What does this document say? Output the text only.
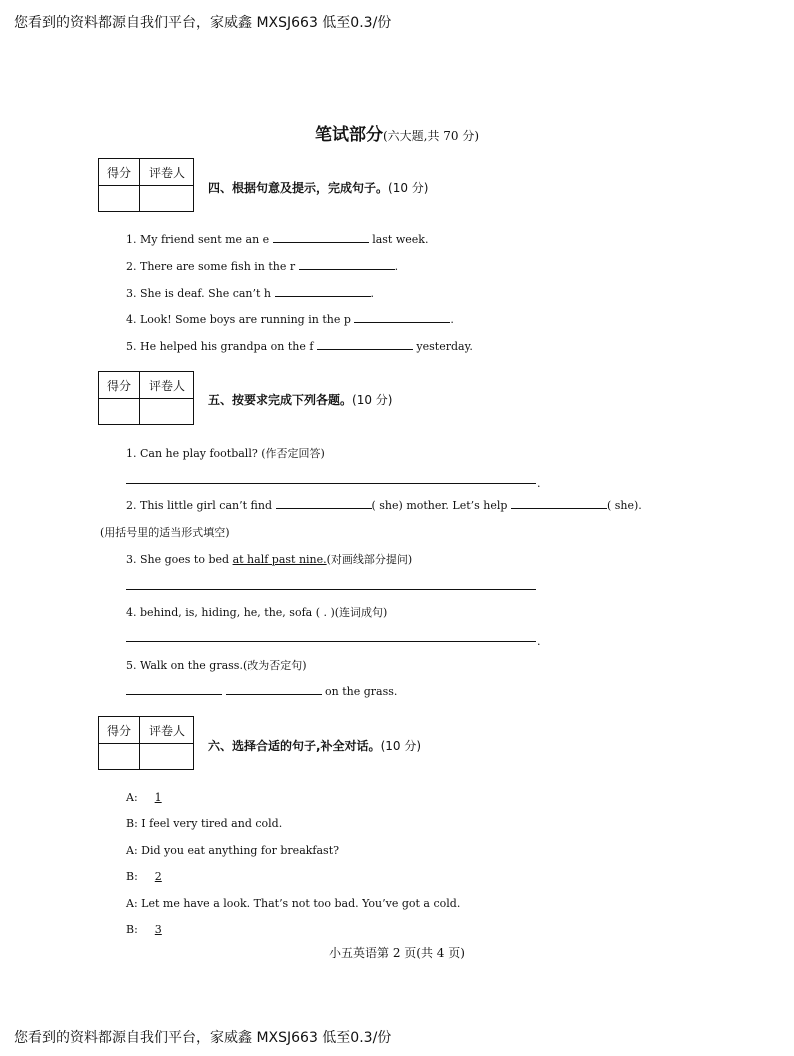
您看到的资料都源自我们平台，家威鑫 MXSJ663 低至0.3/份
笔试部分(六大题,共 70 分)
得分	评卷人
四、根据句意及提示，完成句子。(10 分)
1. My friend sent me an e	last week.
2. There are some fish in the r	.
3. She is deaf. She can’t h	.
4. Look! Some boys are running in the p	.
5. He helped his grandpa on the f	yesterday.
得分	评卷人
五、按要求完成下列各题。(10 分)
1. Can he play football? (作否定回答)
.
2. This little girl can’t find	( she) mother. Let’s help	( she).
(用括号里的适当形式填空)
3. She goes to bed at half past nine.(对画线部分提问)
4. behind, is, hiding, he, the, sofa ( . )(连词成句)
.
5. Walk on the grass.(改为否定句)
on the grass.
得分	评卷人
六、选择合适的句子,补全对话。(10 分)
A: 1
B: I feel very tired and cold.
A: Did you eat anything for breakfast?
B: 2
A: Let me have a look. That’s not too bad. You’ve got a cold.
B: 3
小五英语第 2 页(共 4 页)
您看到的资料都源自我们平台，家威鑫 MXSJ663 低至0.3/份
